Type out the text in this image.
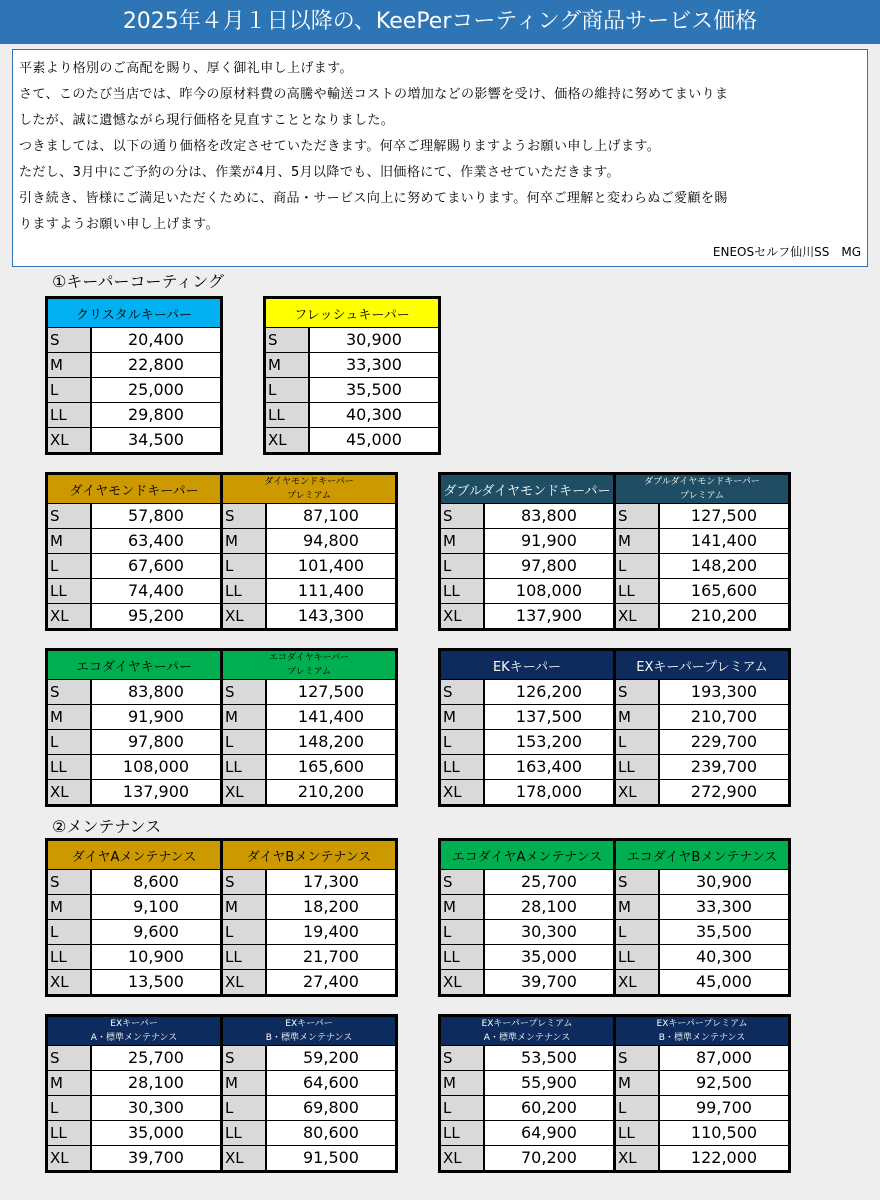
2025年４月１日以降の、KeePerコーティング商品サービス価格
平素より格別のご高配を賜り、厚く御礼申し上げます。
さて、このたび当店では、昨今の原材料費の高騰や輸送コストの増加などの影響を受け、価格の維持に努めてまいりま
したが、誠に遺憾ながら現行価格を見直すこととなりました。
つきましては、以下の通り価格を改定させていただきます。何卒ご理解賜りますようお願い申し上げます。
ただし、3月中にご予約の分は、作業が4月、5月以降でも、旧価格にて、作業させていただきます。
引き続き、皆様にご満足いただくために、商品・サービス向上に努めてまいります。何卒ご理解と変わらぬご愛顧を賜
りますようお願い申し上げます。
ENEOSセルフ仙川SS　MG
①キーパーコーティング
②メンテナンス
クリスタルキーパー
S	20,400
M	22,800
L	25,000
LL	29,800
XL	34,500
フレッシュキーパー
S	30,900
M	33,300
L	35,500
LL	40,300
XL	45,000
ダイヤモンドキーパー
S	57,800
M	63,400
L	67,600
LL	74,400
XL	95,200
ダイヤモンドキーパー
プレミアム
S	87,100
M	94,800
L	101,400
LL	111,400
XL	143,300
ダブルダイヤモンドキーパー
S	83,800
M	91,900
L	97,800
LL	108,000
XL	137,900
ダブルダイヤモンドキーパー
プレミアム
S	127,500
M	141,400
L	148,200
LL	165,600
XL	210,200
エコダイヤキーパー
S	83,800
M	91,900
L	97,800
LL	108,000
XL	137,900
エコダイヤキーパー
プレミアム
S	127,500
M	141,400
L	148,200
LL	165,600
XL	210,200
EKキーパー
S	126,200
M	137,500
L	153,200
LL	163,400
XL	178,000
EXキーパープレミアム
S	193,300
M	210,700
L	229,700
LL	239,700
XL	272,900
ダイヤAメンテナンス
S	8,600
M	9,100
L	9,600
LL	10,900
XL	13,500
ダイヤBメンテナンス
S	17,300
M	18,200
L	19,400
LL	21,700
XL	27,400
エコダイヤAメンテナンス
S	25,700
M	28,100
L	30,300
LL	35,000
XL	39,700
エコダイヤBメンテナンス
S	30,900
M	33,300
L	35,500
LL	40,300
XL	45,000
EXキーパー
A・標準メンテナンス
S	25,700
M	28,100
L	30,300
LL	35,000
XL	39,700
EXキーパー
B・標準メンテナンス
S	59,200
M	64,600
L	69,800
LL	80,600
XL	91,500
EXキーパープレミアム
A・標準メンテナンス
S	53,500
M	55,900
L	60,200
LL	64,900
XL	70,200
EXキーパープレミアム
B・標準メンテナンス
S	87,000
M	92,500
L	99,700
LL	110,500
XL	122,000
